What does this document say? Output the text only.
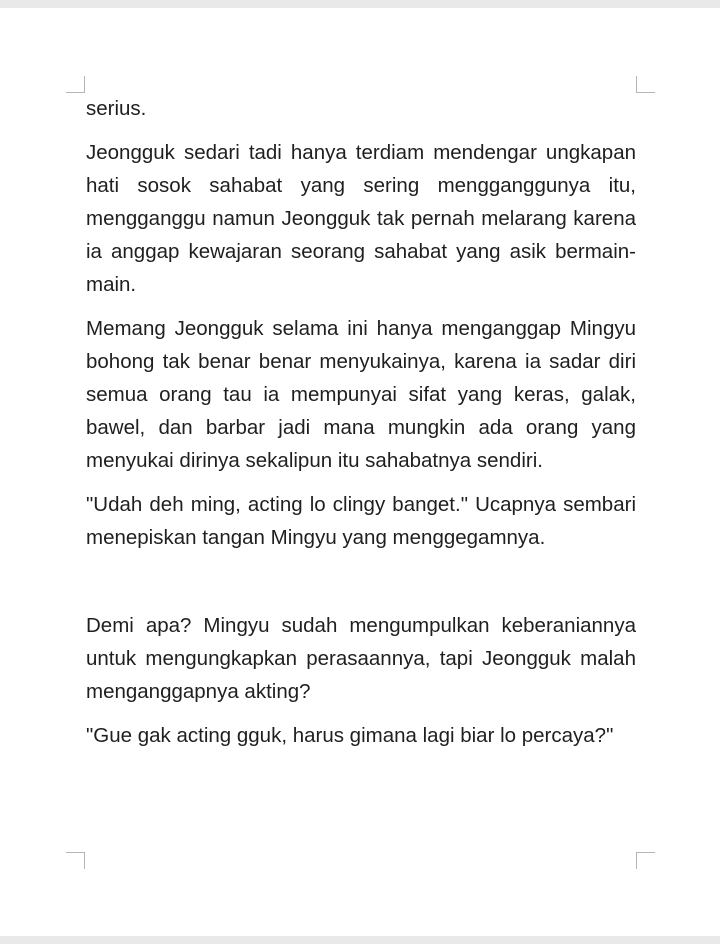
serius.

Jeongguk sedari tadi hanya terdiam mendengar ungkapan hati sosok sahabat yang sering mengganggunya itu, mengganggu namun Jeongguk tak pernah melarang karena ia anggap kewajaran seorang sahabat yang asik bermain-main.

Memang Jeongguk selama ini hanya menganggap Mingyu bohong tak benar benar menyukainya, karena ia sadar diri semua orang tau ia mempunyai sifat yang keras, galak, bawel, dan barbar jadi mana mungkin ada orang yang menyukai dirinya sekalipun itu sahabatnya sendiri.

"Udah deh ming, acting lo clingy banget." Ucapnya sembari menepiskan tangan Mingyu yang menggegamnya.

Demi apa? Mingyu sudah mengumpulkan keberaniannya untuk mengungkapkan perasaannya, tapi Jeongguk malah menganggapnya akting?

"Gue gak acting gguk, harus gimana lagi biar lo percaya?"
